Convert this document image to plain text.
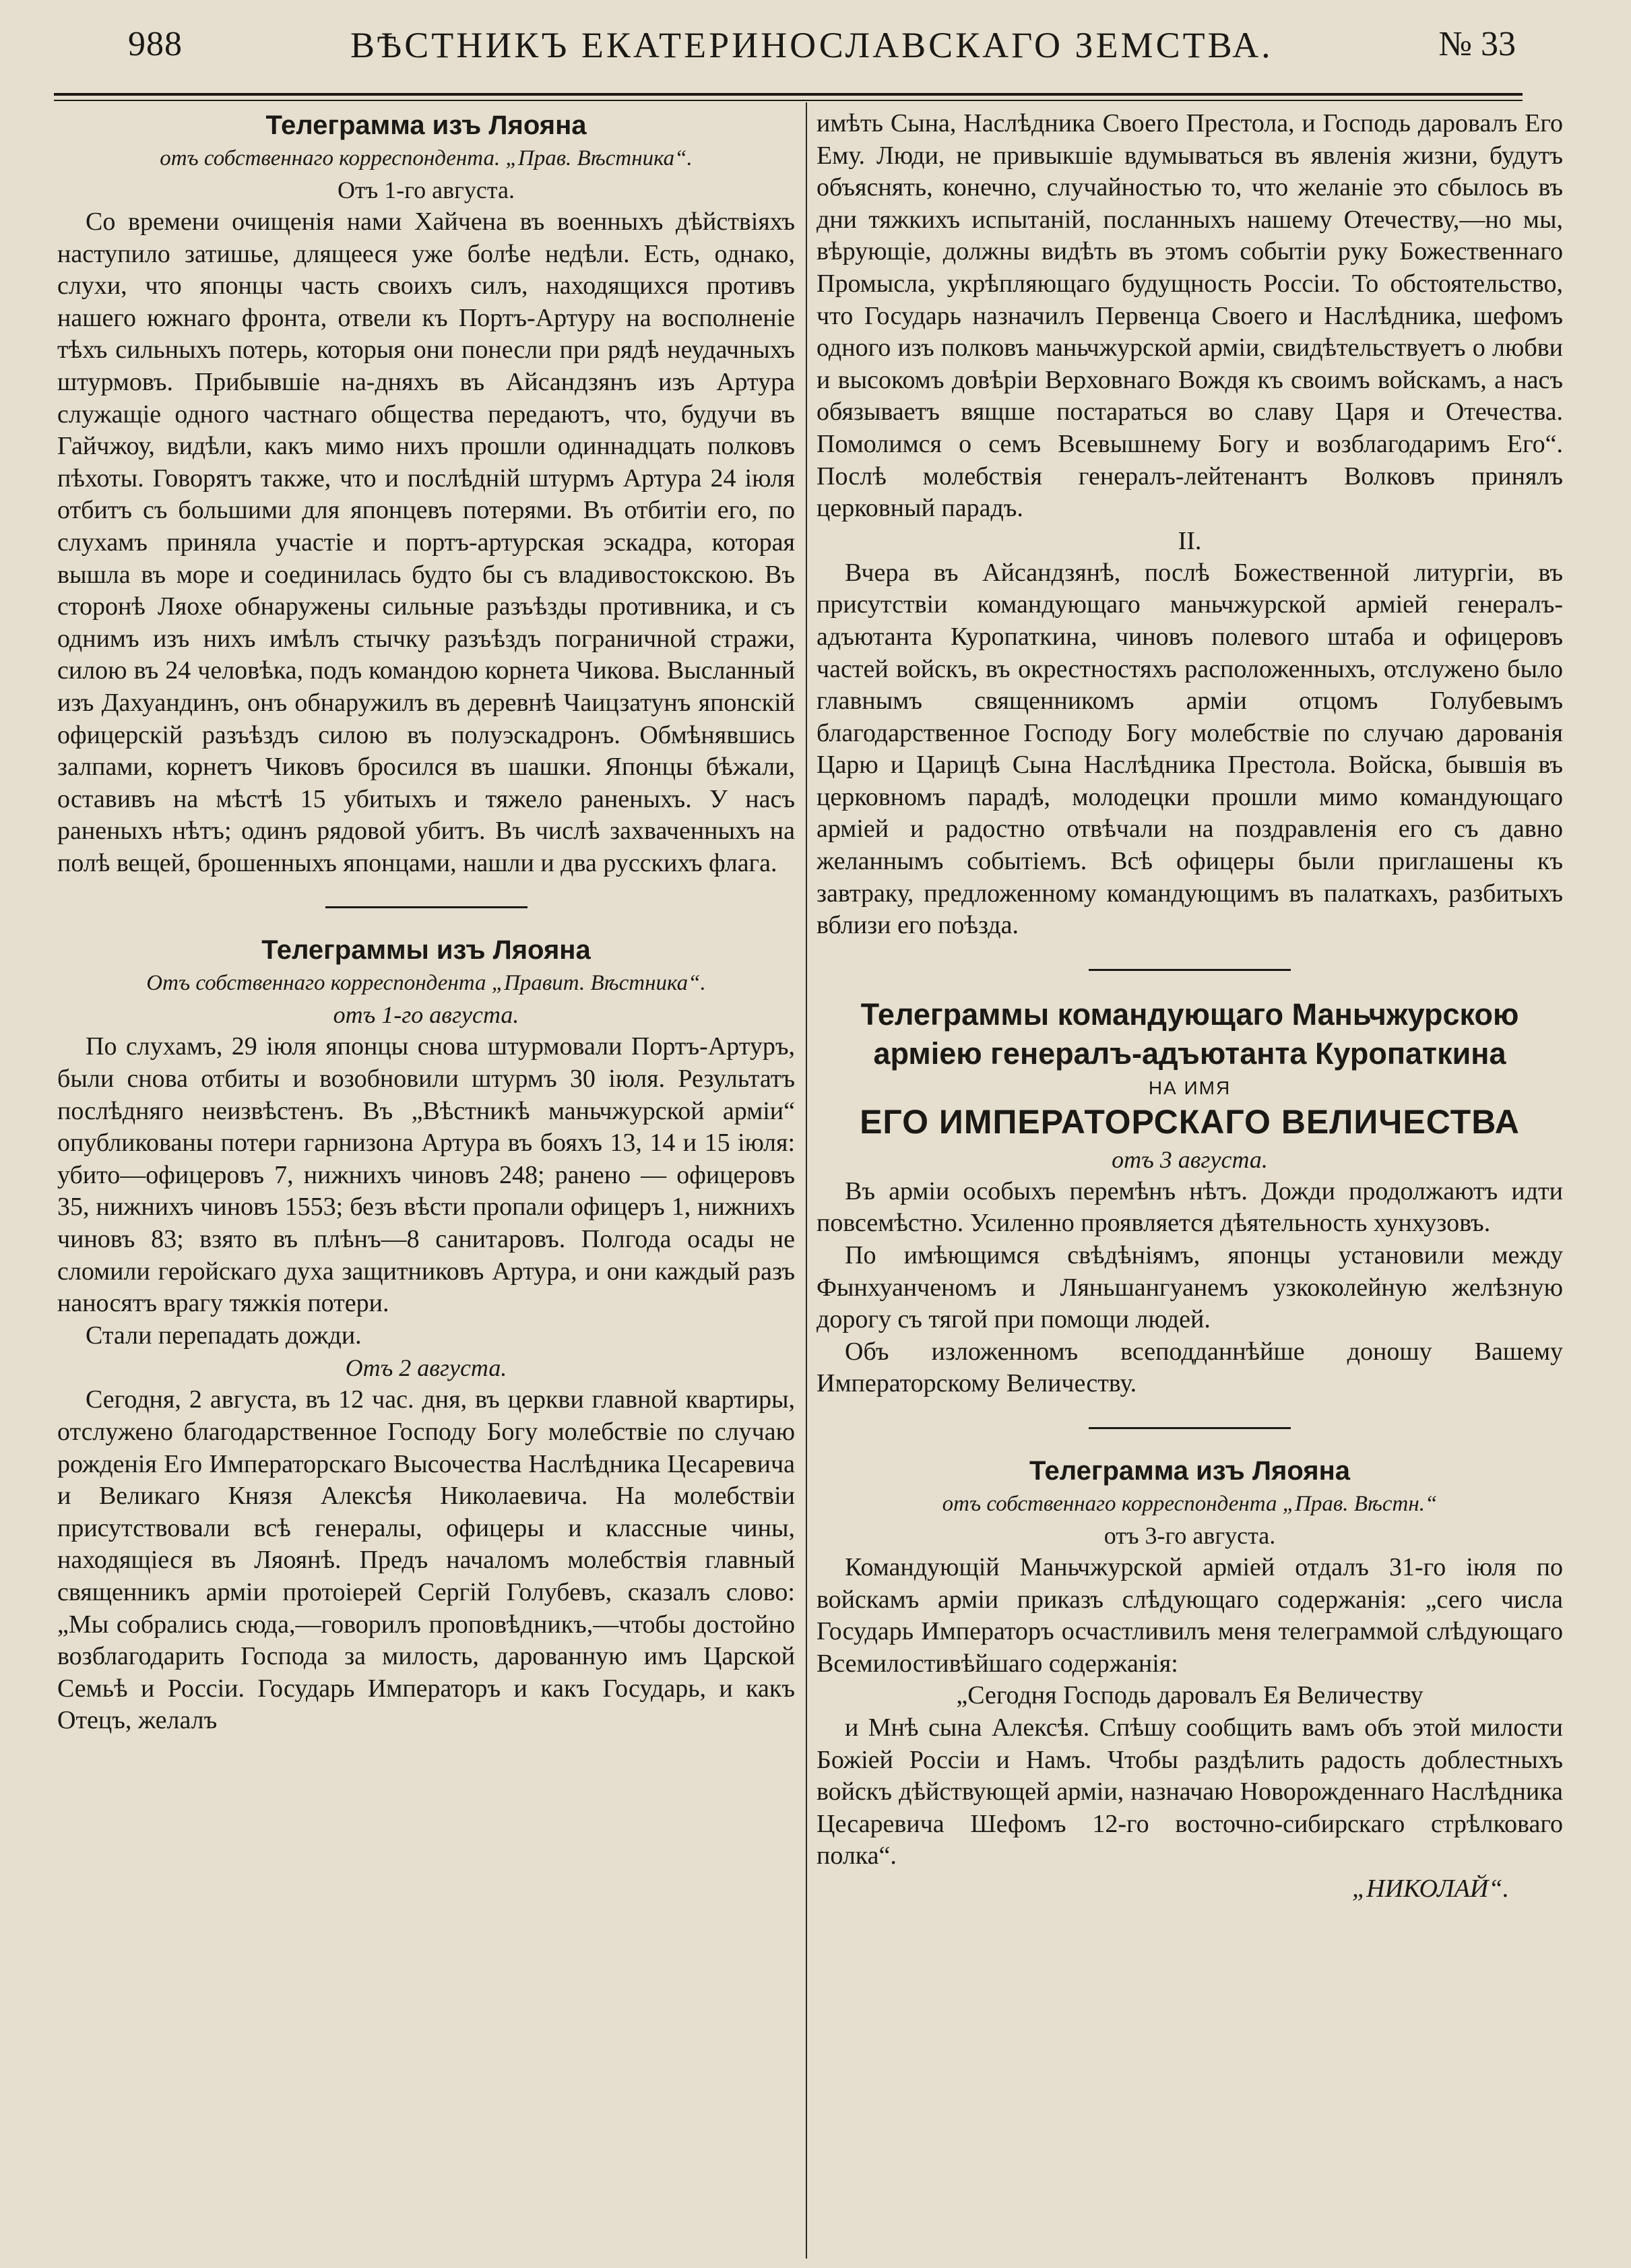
988	ВѢСТНИКЪ ЕКАТЕРИНОСЛАВСКАГО ЗЕМСТВА.	№ 33
Телеграмма изъ Ляояна

отъ собственнаго корреспондента. „Прав. Вѣстника“.

Отъ 1-го августа.

Со времени очищенія нами Хайчена въ военныхъ дѣйствіяхъ наступило затишье, длящееся уже болѣе недѣли. Есть, однако, слухи, что японцы часть своихъ силъ, находящихся противъ нашего южнаго фронта, отвели къ Портъ-Артуру на восполненіе тѣхъ сильныхъ потерь, которыя они понесли при рядѣ неудачныхъ штурмовъ. Прибывшіе на-дняхъ въ Айсандзянъ изъ Артура служащіе одного частнаго общества передаютъ, что, будучи въ Гайчжоу, видѣли, какъ мимо нихъ прошли одиннадцать полковъ пѣхоты. Говорятъ также, что и послѣдній штурмъ Артура 24 іюля отбитъ съ большими для японцевъ потерями. Въ отбитіи его, по слухамъ приняла участіе и портъ-артурская эскадра, которая вышла въ море и соединилась будто бы съ владивостокскою. Въ сторонѣ Ляохе обнаружены сильные разъѣзды противника, и съ однимъ изъ нихъ имѣлъ стычку разъѣздъ пограничной стражи, силою въ 24 человѣка, подъ командою корнета Чикова. Высланный изъ Дахуандинъ, онъ обнаружилъ въ деревнѣ Чаицзатунъ японскій офицерскій разъѣздъ силою въ полуэскадронъ. Обмѣнявшись залпами, корнетъ Чиковъ бросился въ шашки. Японцы бѣжали, оставивъ на мѣстѣ 15 убитыхъ и тяжело раненыхъ. У насъ раненыхъ нѣтъ; одинъ рядовой убитъ. Въ числѣ захваченныхъ на полѣ вещей, брошенныхъ японцами, нашли и два русскихъ флага.

Телеграммы изъ Ляояна

Отъ собственнаго корреспондента „Правит. Вѣстника“.

отъ 1-го августа.

По слухамъ, 29 іюля японцы снова штурмовали Портъ-Артуръ, были снова отбиты и возобновили штурмъ 30 іюля. Результатъ послѣдняго неизвѣстенъ. Въ „Вѣстникѣ маньчжурской арміи“ опубликованы потери гарнизона Артура въ бояхъ 13, 14 и 15 іюля: убито—офицеровъ 7, нижнихъ чиновъ 248; ранено — офицеровъ 35, нижнихъ чиновъ 1553; безъ вѣсти пропали офицеръ 1, нижнихъ чиновъ 83; взято въ плѣнъ—8 санитаровъ. Полгода осады не сломили геройскаго духа защитниковъ Артура, и они каждый разъ наносятъ врагу тяжкія потери.

Стали перепадать дожди.

Отъ 2 августа.

Сегодня, 2 августа, въ 12 час. дня, въ церкви главной квартиры, отслужено благодарственное Господу Богу молебствіе по случаю рожденія Его Императорскаго Высочества Наслѣдника Цесаревича и Великаго Князя Алексѣя Николаевича. На молебствіи присутствовали всѣ генералы, офицеры и классные чины, находящіеся въ Ляоянѣ. Предъ началомъ молебствія главный священникъ арміи протоіерей Сергій Голубевъ, сказалъ слово: „Мы собрались сюда,—говорилъ проповѣдникъ,—чтобы достойно возблагодарить Господа за милость, дарованную имъ Царской Семьѣ и Россіи. Государь Императоръ и какъ Государь, и какъ Отецъ, желалъ

имѣть Сына, Наслѣдника Своего Престола, и Господь даровалъ Его Ему. Люди, не привыкшіе вдумываться въ явленія жизни, будутъ объяснять, конечно, случайностью то, что желаніе это сбылось въ дни тяжкихъ испытаній, посланныхъ нашему Отечеству,—но мы, вѣрующіе, должны видѣть въ этомъ событіи руку Божественнаго Промысла, укрѣпляющаго будущность Россіи. То обстоятельство, что Государь назначилъ Первенца Своего и Наслѣдника, шефомъ одного изъ полковъ маньчжурской арміи, свидѣтельствуетъ о любви и высокомъ довѣріи Верховнаго Вождя къ своимъ войскамъ, а насъ обязываетъ вящше постараться во славу Царя и Отечества. Помолимся о семъ Всевышнему Богу и возблагодаримъ Его“. Послѣ молебствія генералъ-лейтенантъ Волковъ принялъ церковный парадъ.

II.

Вчера въ Айсандзянѣ, послѣ Божественной литургіи, въ присутствіи командующаго маньчжурской арміей генералъ-адъютанта Куропаткина, чиновъ полевого штаба и офицеровъ частей войскъ, въ окрестностяхъ расположенныхъ, отслужено было главнымъ священникомъ арміи отцомъ Голубевымъ благодарственное Господу Богу молебствіе по случаю дарованія Царю и Царицѣ Сына Наслѣдника Престола. Войска, бывшія въ церковномъ парадѣ, молодецки прошли мимо командующаго арміей и радостно отвѣчали на поздравленія его съ давно желаннымъ событіемъ. Всѣ офицеры были приглашены къ завтраку, предложенному командующимъ въ палаткахъ, разбитыхъ вблизи его поѣзда.

Телеграммы командующаго Маньчжурскою арміею генералъ-адъютанта Куропаткина

НА ИМЯ

ЕГО ИМПЕРАТОРСКАГО ВЕЛИЧЕСТВА

отъ 3 августа.

Въ арміи особыхъ перемѣнъ нѣтъ. Дожди продолжаютъ идти повсемѣстно. Усиленно проявляется дѣятельность хунхузовъ.

По имѣющимся свѣдѣніямъ, японцы установили между Фынхуанченомъ и Ляньшангуанемъ узкоколейную желѣзную дорогу съ тягой при помощи людей.

Объ изложенномъ всеподданнѣйше доношу Вашему Императорскому Величеству.

Телеграмма изъ Ляояна

отъ собственнаго корреспондента „Прав. Вѣстн.“

отъ 3-го августа.

Командующій Маньчжурской арміей отдалъ 31-го іюля по войскамъ арміи приказъ слѣдующаго содержанія: „сего числа Государь Императоръ осчастливилъ меня телеграммой слѣдующаго Всемилостивѣйшаго содержанія:

„Сегодня Господь даровалъ Ея Величеству

и Мнѣ сына Алексѣя. Спѣшу сообщить вамъ объ этой милости Божіей Россіи и Намъ. Чтобы раздѣлить радость доблестныхъ войскъ дѣйствующей арміи, назначаю Новорожденнаго Наслѣдника Цесаревича Шефомъ 12-го восточно-сибирскаго стрѣлковаго полка“.

„НИКОЛАЙ“.
